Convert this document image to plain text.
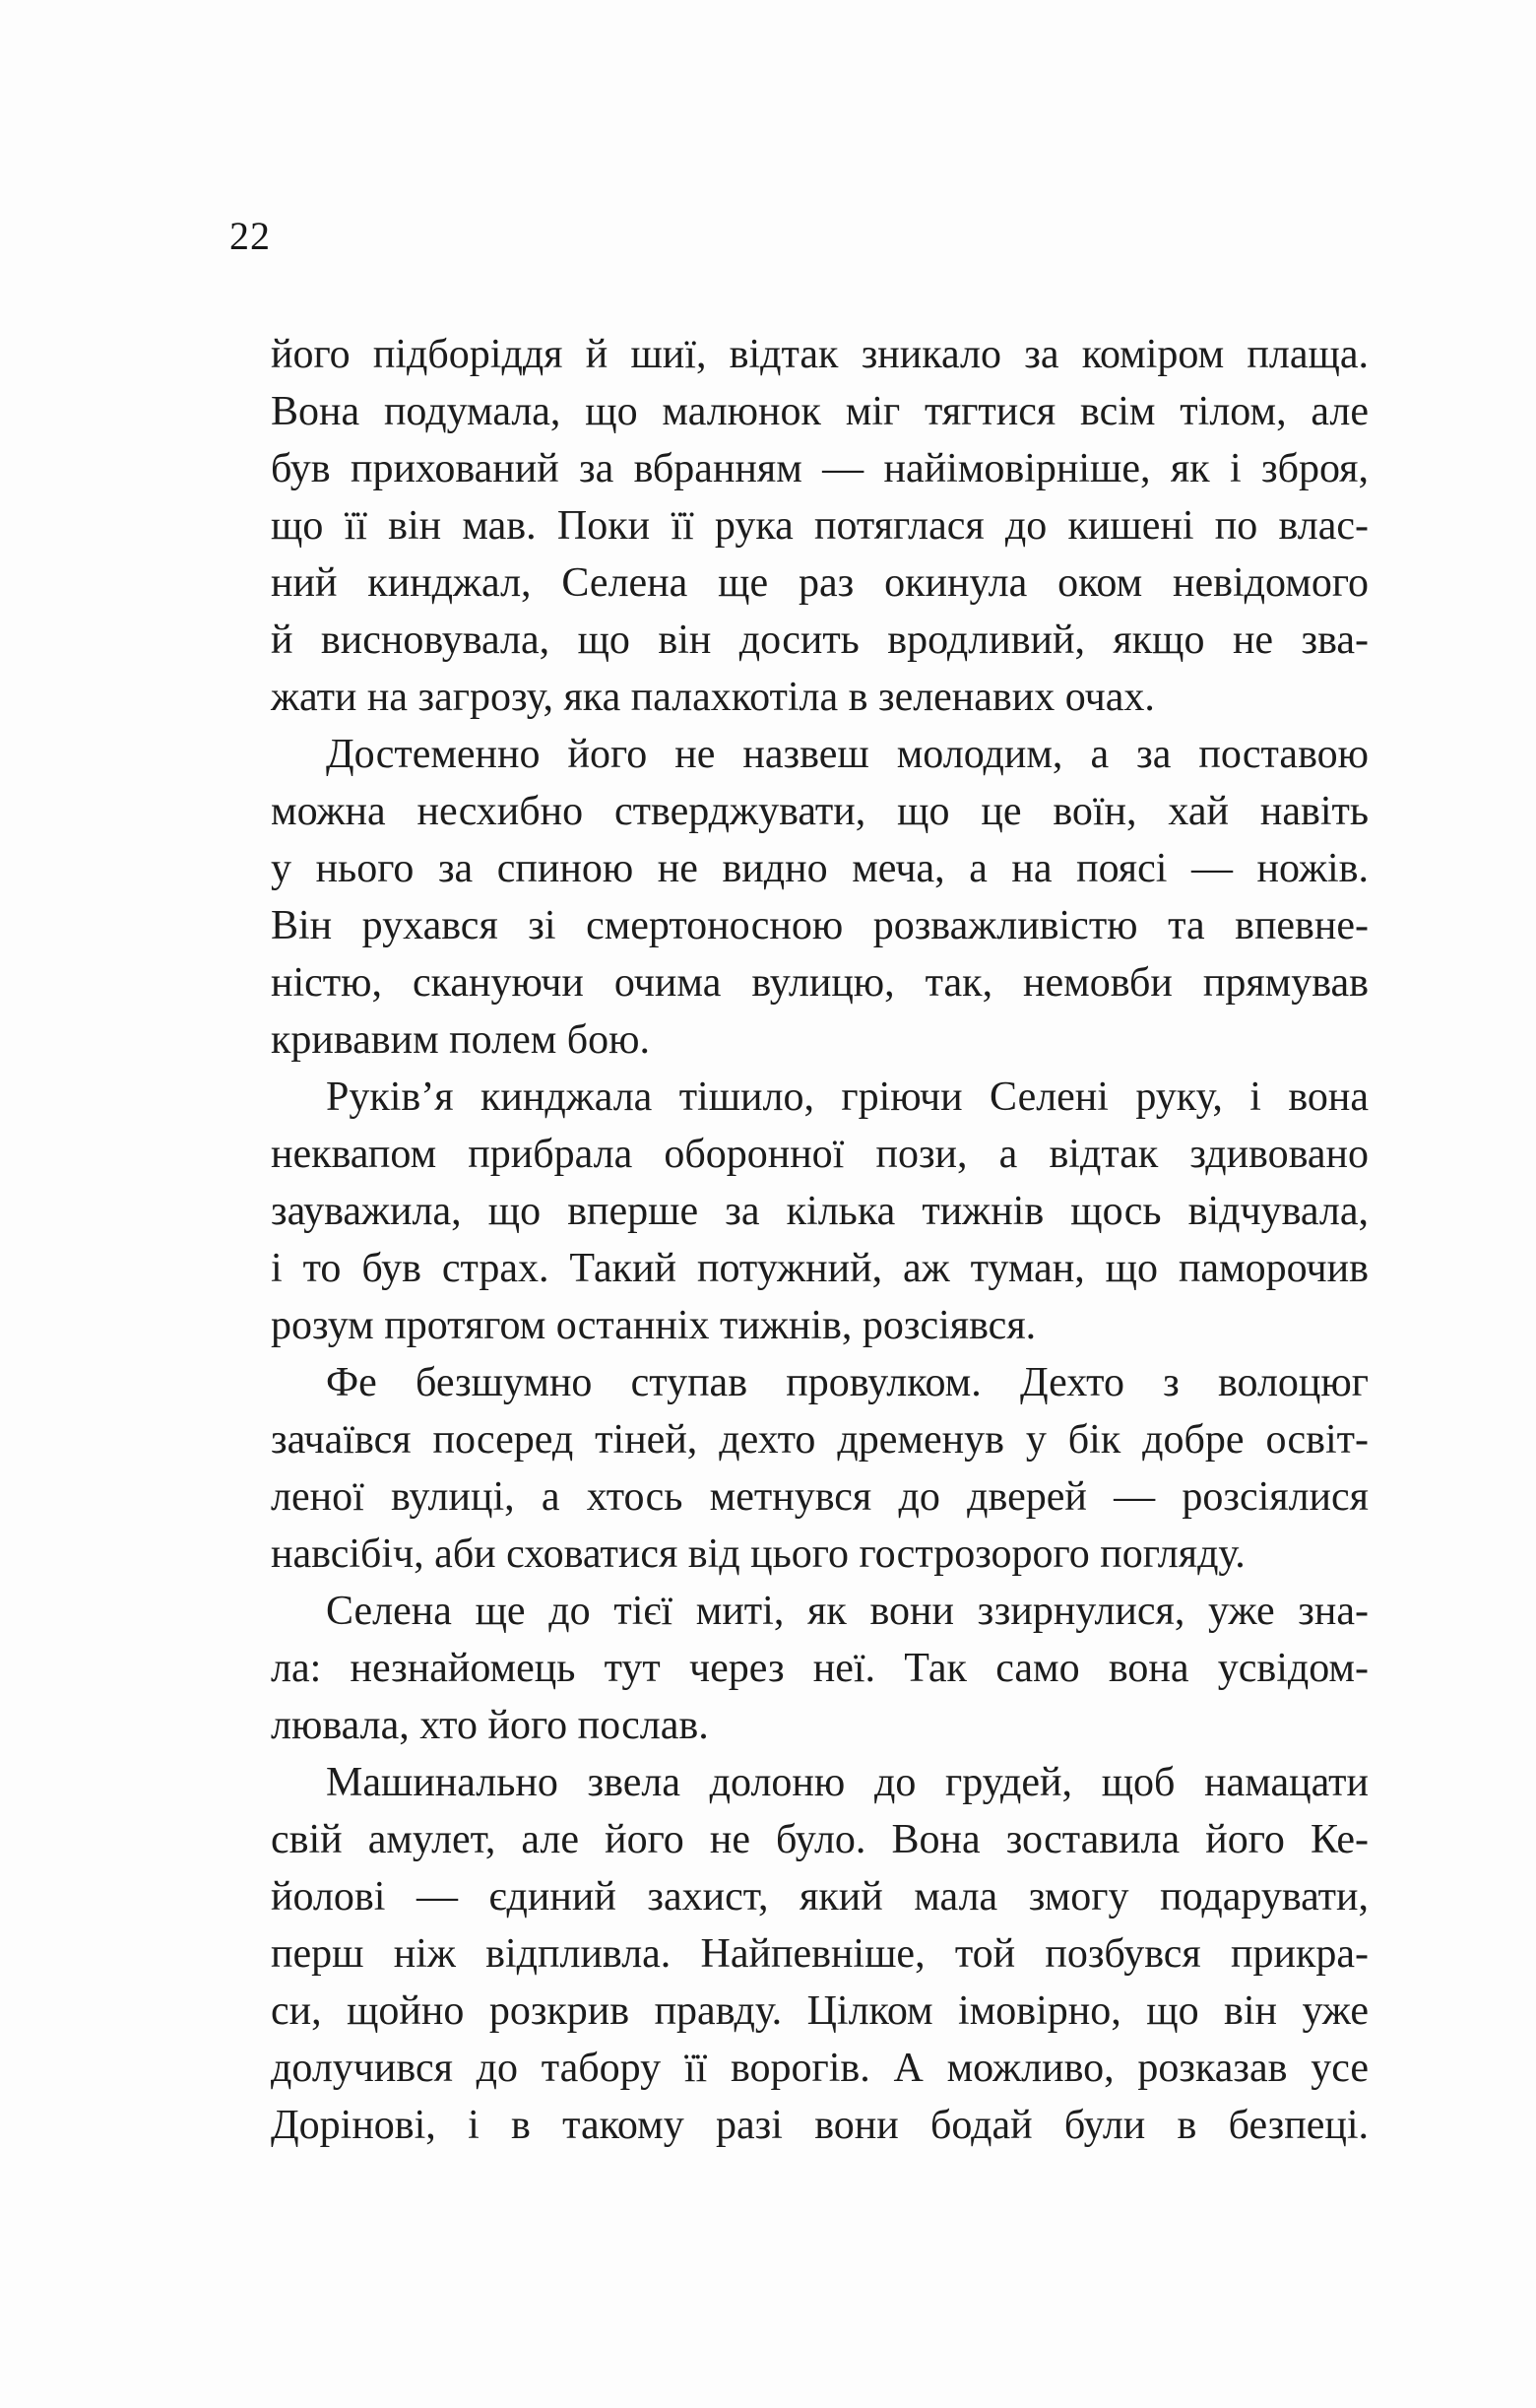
22
його підборіддя й шиї, відтак зникало за коміром плаща.
Вона подумала, що малюнок міг тягтися всім тілом, але
був прихований за вбранням — найімовірніше, як і зброя,
що її він мав. Поки її рука потяглася до кишені по влас-
ний кинджал, Селена ще раз окинула оком невідомого
й висновувала, що він досить вродливий, якщо не зва-
жати на загрозу, яка палахкотіла в зеленавих очах.
Достеменно його не назвеш молодим, а за поставою
можна несхибно стверджувати, що це воїн, хай навіть
у нього за спиною не видно меча, а на поясі — ножів.
Він рухався зі смертоносною розважливістю та впевне-
ністю, скануючи очима вулицю, так, немовби прямував
кривавим полем бою.
Руків’я кинджала тішило, гріючи Селені руку, і вона
неквапом прибрала оборонної пози, а відтак здивовано
зауважила, що вперше за кілька тижнів щось відчувала,
і то був страх. Такий потужний, аж туман, що паморочив
розум протягом останніх тижнів, розсіявся.
Фе безшумно ступав провулком. Дехто з волоцюг
зачаївся посеред тіней, дехто дременув у бік добре освіт-
леної вулиці, а хтось метнувся до дверей — розсіялися
навсібіч, аби сховатися від цього гострозорого погляду.
Селена ще до тієї миті, як вони ззирнулися, уже зна-
ла: незнайомець тут через неї. Так само вона усвідом-
лювала, хто його послав.
Машинально звела долоню до грудей, щоб намацати
свій амулет, але його не було. Вона зоставила його Ке-
йолові — єдиний захист, який мала змогу подарувати,
перш ніж відпливла. Найпевніше, той позбувся прикра-
си, щойно розкрив правду. Цілком імовірно, що він уже
долучився до табору її ворогів. А можливо, розказав усе
Дорінові, і в такому разі вони бодай були в безпеці.
